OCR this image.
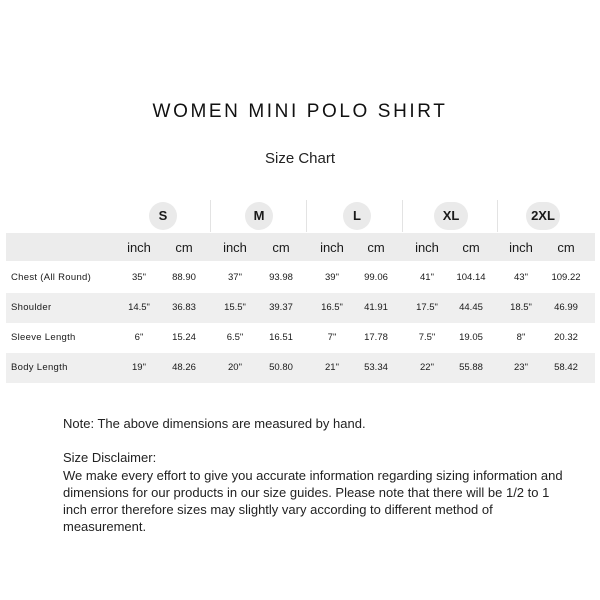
WOMEN MINI POLO SHIRT
Size Chart
S	M	L	XL	2XL
inch	cm	inch	cm	inch	cm	inch	cm	inch	cm
Chest (All Round)	35"	88.90	37"	93.98	39"	99.06	41"	104.14	43"	109.22
Shoulder	14.5"	36.83	15.5"	39.37	16.5"	41.91	17.5"	44.45	18.5"	46.99
Sleeve Length	6"	15.24	6.5"	16.51	7"	17.78	7.5"	19.05	8"	20.32
Body Length	19"	48.26	20"	50.80	21"	53.34	22"	55.88	23"	58.42
Note: The above dimensions are measured by hand.
Size Disclaimer:
We make every effort to give you accurate information regarding sizing information and dimensions for our products in our size guides. Please note that there will be 1/2 to 1 inch error therefore sizes may slightly vary according to different method of measurement.
